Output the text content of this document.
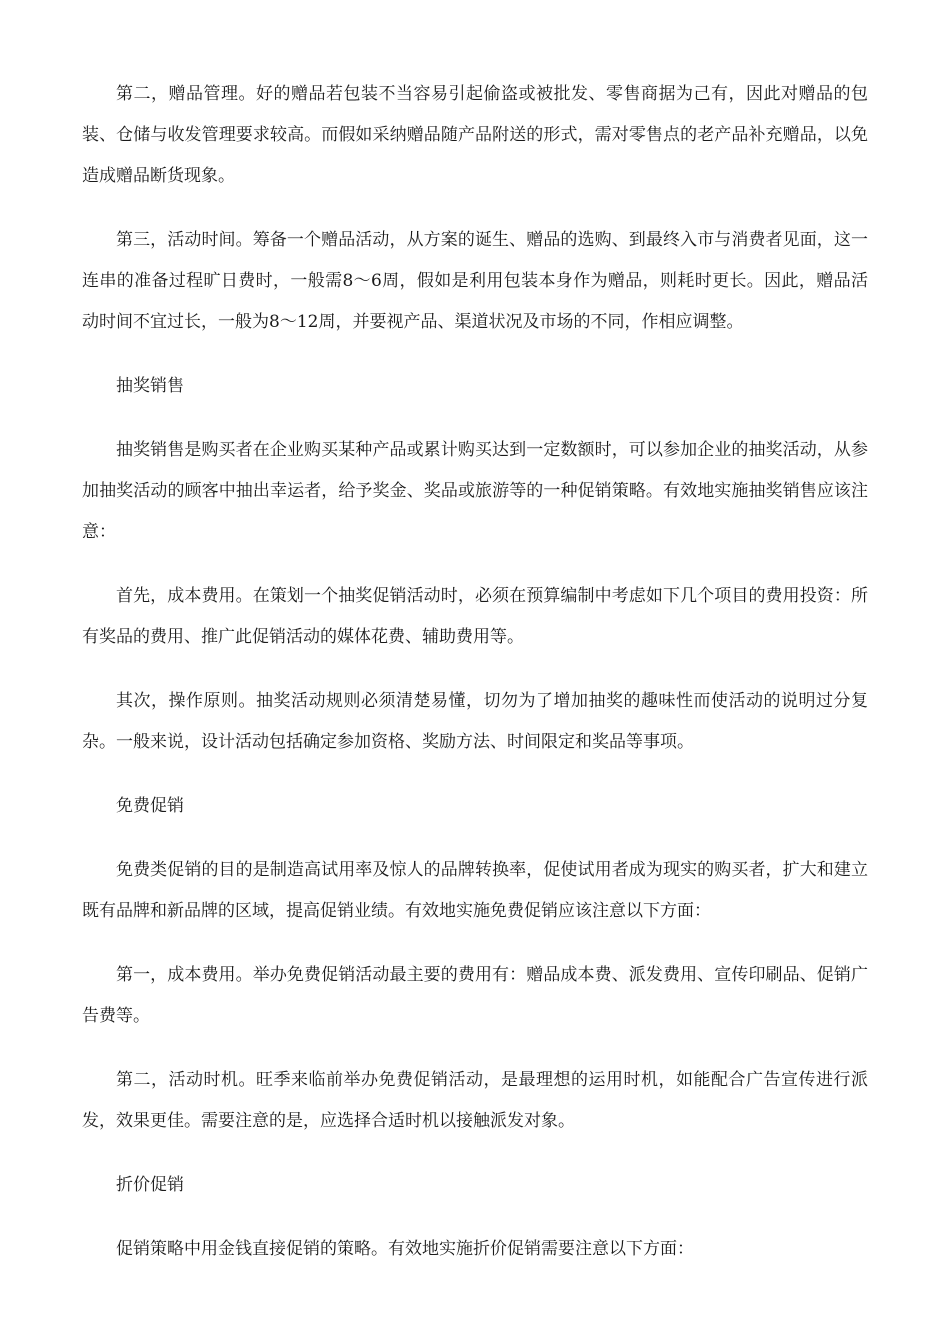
第二，赠品管理。好的赠品若包装不当容易引起偷盗或被批发、零售商据为己有，因此对赠品的包装、仓储与收发管理要求较高。而假如采纳赠品随产品附送的形式，需对零售点的老产品补充赠品，以免造成赠品断货现象。

第三，活动时间。筹备一个赠品活动，从方案的诞生、赠品的选购、到最终入市与消费者见面，这一连串的准备过程旷日费时，一般需8～6周，假如是利用包装本身作为赠品，则耗时更长。因此，赠品活动时间不宜过长，一般为8～12周，并要视产品、渠道状况及市场的不同，作相应调整。

抽奖销售

抽奖销售是购买者在企业购买某种产品或累计购买达到一定数额时，可以参加企业的抽奖活动，从参加抽奖活动的顾客中抽出幸运者，给予奖金、奖品或旅游等的一种促销策略。有效地实施抽奖销售应该注意：

首先，成本费用。在策划一个抽奖促销活动时，必须在预算编制中考虑如下几个项目的费用投资：所有奖品的费用、推广此促销活动的媒体花费、辅助费用等。

其次，操作原则。抽奖活动规则必须清楚易懂，切勿为了增加抽奖的趣味性而使活动的说明过分复杂。一般来说，设计活动包括确定参加资格、奖励方法、时间限定和奖品等事项。

免费促销

免费类促销的目的是制造高试用率及惊人的品牌转换率，促使试用者成为现实的购买者，扩大和建立既有品牌和新品牌的区域，提高促销业绩。有效地实施免费促销应该注意以下方面：

第一，成本费用。举办免费促销活动最主要的费用有：赠品成本费、派发费用、宣传印刷品、促销广告费等。

第二，活动时机。旺季来临前举办免费促销活动，是最理想的运用时机，如能配合广告宣传进行派发，效果更佳。需要注意的是，应选择合适时机以接触派发对象。

折价促销

促销策略中用金钱直接促销的策略。有效地实施折价促销需要注意以下方面：
